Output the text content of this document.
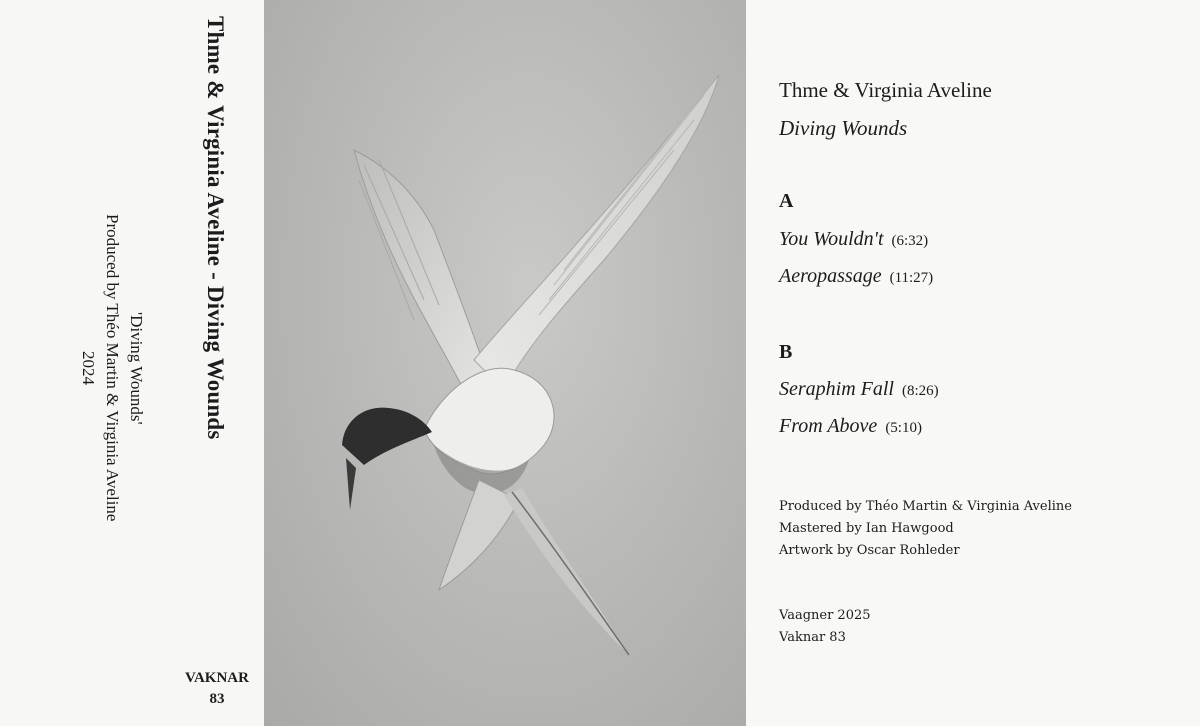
Thme & Virginia Aveline - Diving Wounds
'Diving Wounds'
Produced by Théo Martin & Virginia Aveline
2024
VAKNAR
83
Thme & Virginia Aveline
Diving Wounds
A
You Wouldn't (6:32)
Aeropassage (11:27)
B
Seraphim Fall (8:26)
From Above (5:10)
Produced by Théo Martin & Virginia Aveline
Mastered by Ian Hawgood
Artwork by Oscar Rohleder
Vaagner 2025
Vaknar 83
